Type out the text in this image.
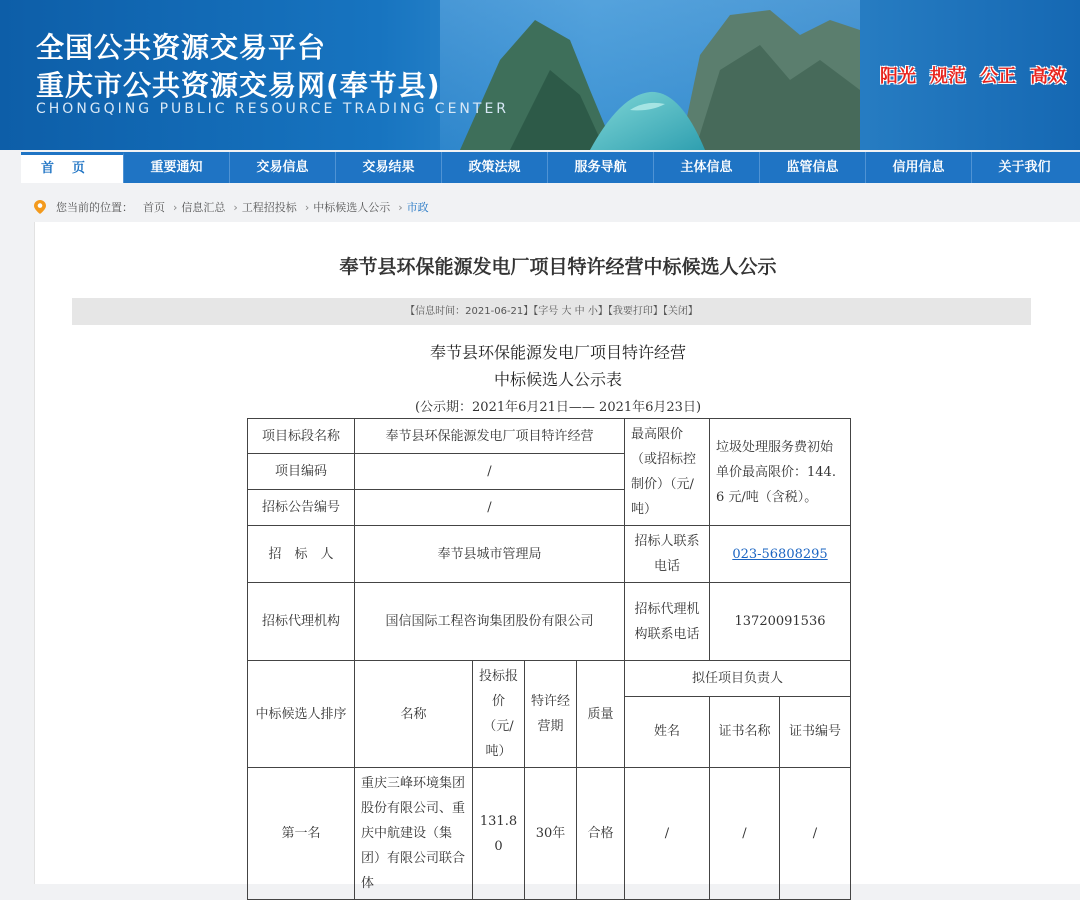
全国公共资源交易平台
重庆市公共资源交易网(奉节县)
CHONGQING PUBLIC RESOURCE TRADING CENTER
阳光 规范 公正 高效
首页	重要通知	交易信息	交易结果	政策法规	服务导航	主体信息	监管信息	信用信息	关于我们
您当前的位置： 首页 › 信息汇总 › 工程招投标 › 中标候选人公示 › 市政
奉节县环保能源发电厂项目特许经营中标候选人公示
【信息时间：2021-06-21】【字号 大 中 小】【我要打印】【关闭】
奉节县环保能源发电厂项目特许经营
中标候选人公示表
(公示期：2021年6月21日—— 2021年6月23日)
项目标段名称	奉节县环保能源发电厂项目特许经营				最高限价（或招标控制价）（元/吨）	垃圾处理服务费初始单价最高限价：144.6 元/吨（含税）。	
项目编码	/						
招标公告编号	/						
招　标　人	奉节县城市管理局				招标人联系电话	023-56808295	
招标代理机构	国信国际工程咨询集团股份有限公司				招标代理机构联系电话	13720091536	
中标候选人排序	名称	投标报价（元/吨）	特许经营期	质量	拟任项目负责人		
					姓名	证书名称	证书编号
第一名	重庆三峰环境集团股份有限公司、重庆中航建设（集团）有限公司联合体	131.80	30年	合格	/	/	/
